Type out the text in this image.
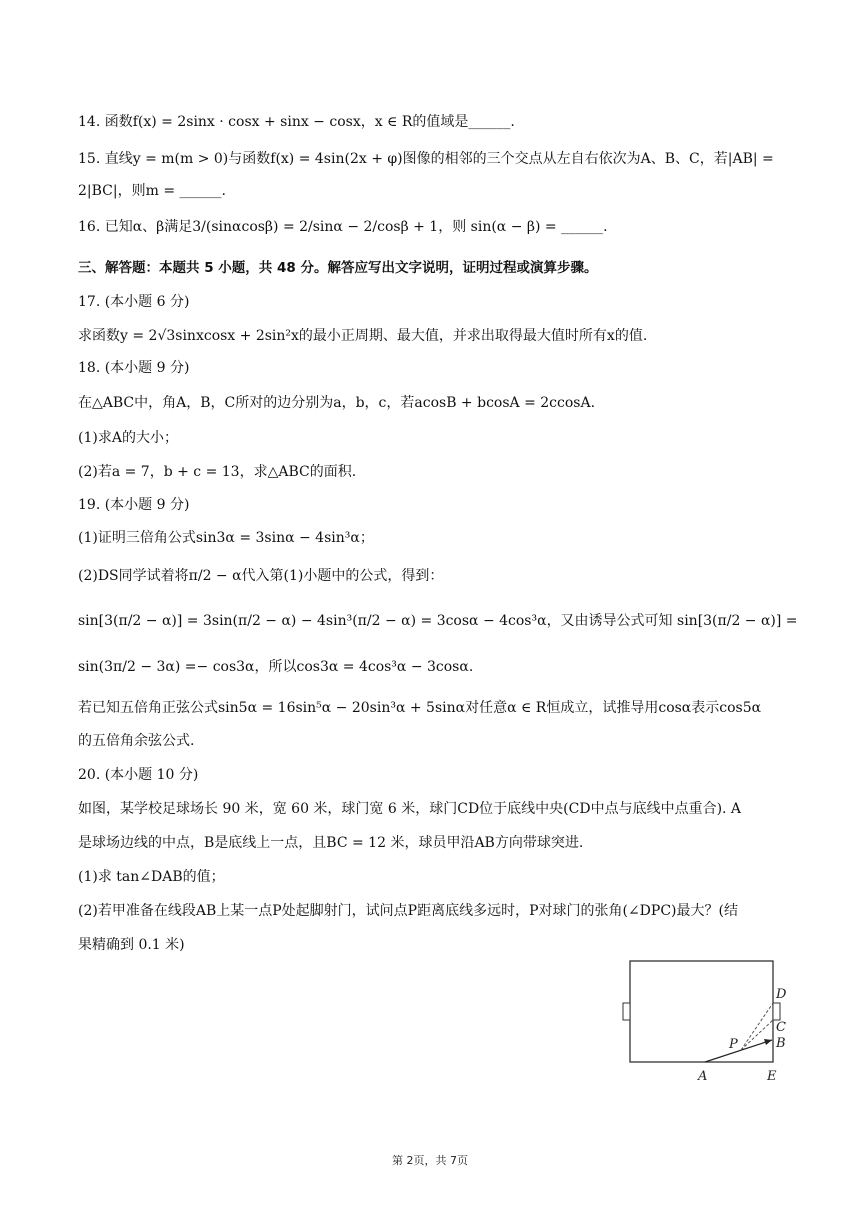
14. 函数f(x) = 2sinx · cosx + sinx − cosx，x ∈ R的值域是______.
15. 直线y = m(m > 0)与函数f(x) = 4sin(2x + φ)图像的相邻的三个交点从左自右依次为A、B、C，若|AB| =
2|BC|，则m = ______.
16. 已知α、β满足3/(sinαcosβ) = 2/sinα − 2/cosβ + 1，则 sin(α − β) = ______.
三、解答题：本题共 5 小题，共 48 分。解答应写出文字说明，证明过程或演算步骤。
17. (本小题 6 分)
求函数y = 2√3sinxcosx + 2sin²x的最小正周期、最大值，并求出取得最大值时所有x的值.
18. (本小题 9 分)
在△ABC中，角A，B，C所对的边分别为a，b，c，若acosB + bcosA = 2ccosA.
(1)求A的大小；
(2)若a = 7，b + c = 13，求△ABC的面积.
19. (本小题 9 分)
(1)证明三倍角公式sin3α = 3sinα − 4sin³α；
(2)DS同学试着将π/2 − α代入第(1)小题中的公式，得到：
sin[3(π/2 − α)] = 3sin(π/2 − α) − 4sin³(π/2 − α) = 3cosα − 4cos³α，又由诱导公式可知 sin[3(π/2 − α)] =
sin(3π/2 − 3α) =− cos3α，所以cos3α = 4cos³α − 3cosα.
若已知五倍角正弦公式sin5α = 16sin⁵α − 20sin³α + 5sinα对任意α ∈ R恒成立，试推导用cosα表示cos5α
的五倍角余弦公式.
20. (本小题 10 分)
如图，某学校足球场长 90 米，宽 60 米，球门宽 6 米，球门CD位于底线中央(CD中点与底线中点重合). A
是球场边线的中点，B是底线上一点，且BC = 12 米，球员甲沿AB方向带球突进.
(1)求 tan∠DAB的值；
(2)若甲准备在线段AB上某一点P处起脚射门，试问点P距离底线多远时，P对球门的张角(∠DPC)最大？(结
果精确到 0.1 米)
D
C
B
P
A	E
第 2页，共 7页
